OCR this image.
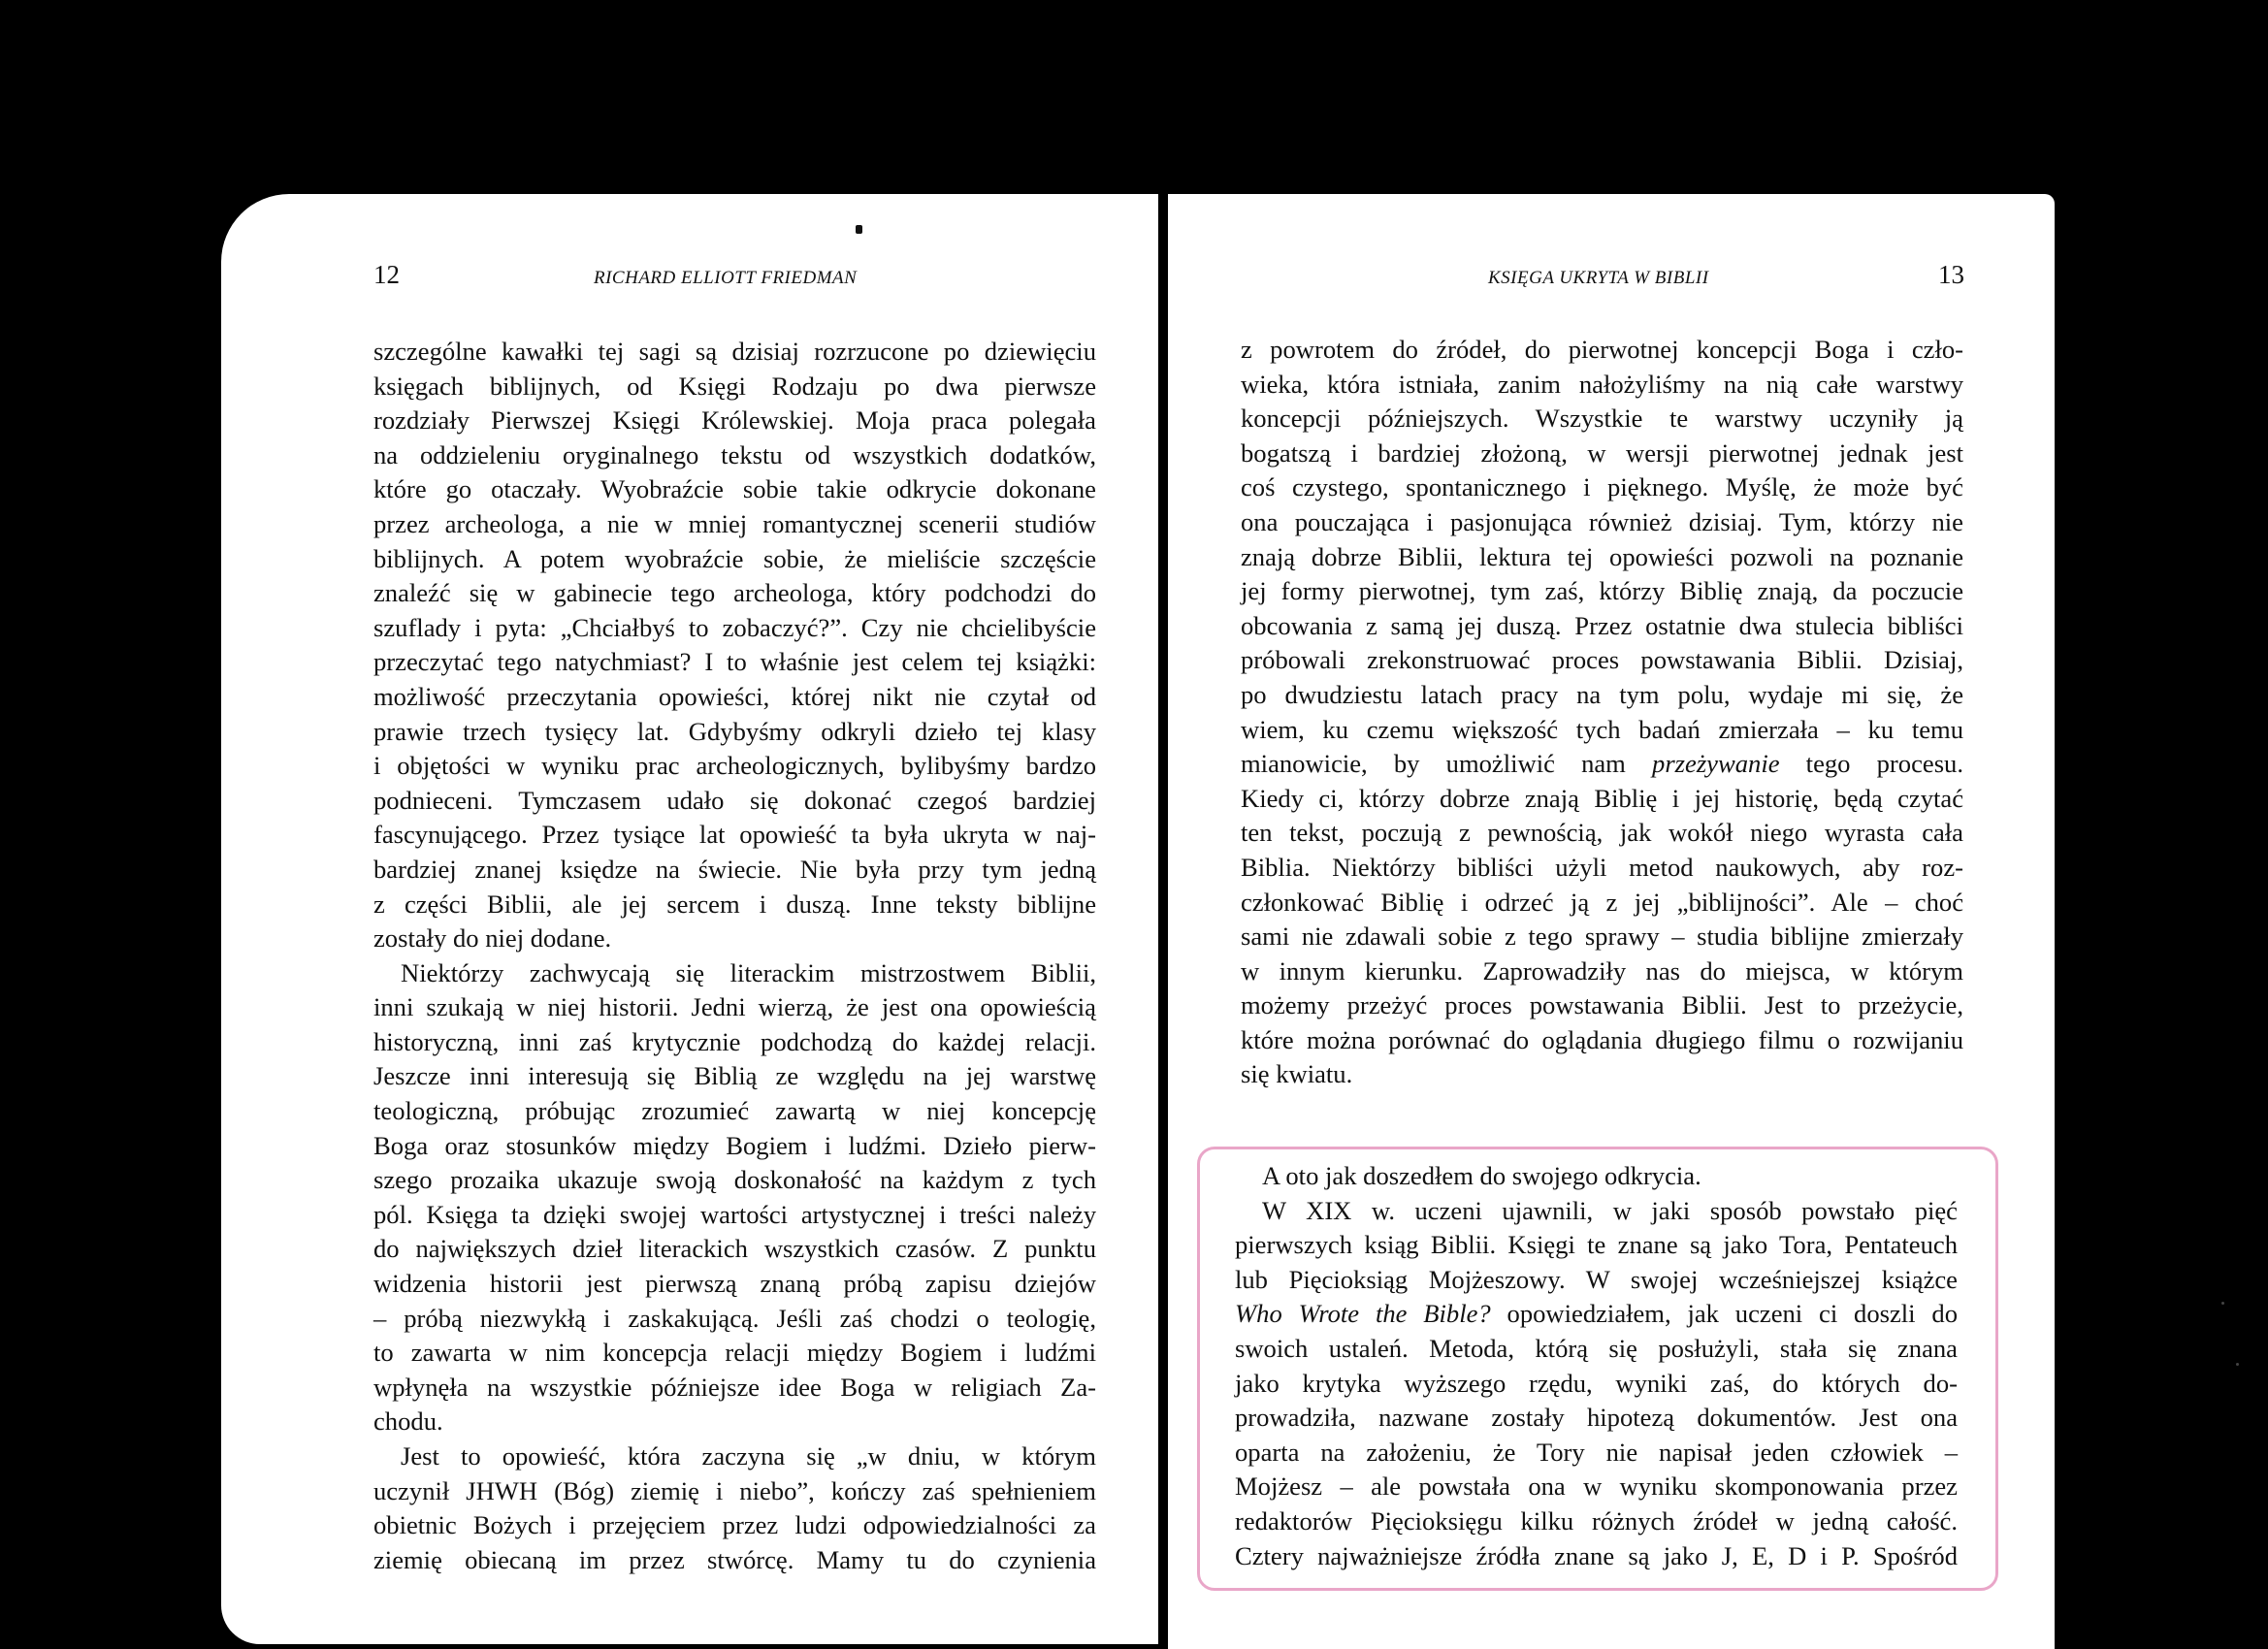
12	RICHARD ELLIOTT FRIEDMAN	KSIĘGA UKRYTA W BIBLII	13
szczególne kawałki tej sagi są dzisiaj rozrzucone po dziewięciu
księgach biblijnych, od Księgi Rodzaju po dwa pierwsze
rozdziały Pierwszej Księgi Królewskiej. Moja praca polegała
na oddzieleniu oryginalnego tekstu od wszystkich dodatków,
które go otaczały. Wyobraźcie sobie takie odkrycie dokonane
przez archeologa, a nie w mniej romantycznej scenerii studiów
biblijnych. A potem wyobraźcie sobie, że mieliście szczęście
znaleźć się w gabinecie tego archeologa, który podchodzi do
szuflady i pyta: „Chciałbyś to zobaczyć?”. Czy nie chcielibyście
przeczytać tego natychmiast? I to właśnie jest celem tej książki:
możliwość przeczytania opowieści, której nikt nie czytał od
prawie trzech tysięcy lat. Gdybyśmy odkryli dzieło tej klasy
i objętości w wyniku prac archeologicznych, bylibyśmy bardzo
podnieceni. Tymczasem udało się dokonać czegoś bardziej
fascynującego. Przez tysiące lat opowieść ta była ukryta w naj-
bardziej znanej księdze na świecie. Nie była przy tym jedną
z części Biblii, ale jej sercem i duszą. Inne teksty biblijne
zostały do niej dodane.
Niektórzy zachwycają się literackim mistrzostwem Biblii,
inni szukają w niej historii. Jedni wierzą, że jest ona opowieścią
historyczną, inni zaś krytycznie podchodzą do każdej relacji.
Jeszcze inni interesują się Biblią ze względu na jej warstwę
teologiczną, próbując zrozumieć zawartą w niej koncepcję
Boga oraz stosunków między Bogiem i ludźmi. Dzieło pierw-
szego prozaika ukazuje swoją doskonałość na każdym z tych
pól. Księga ta dzięki swojej wartości artystycznej i treści należy
do największych dzieł literackich wszystkich czasów. Z punktu
widzenia historii jest pierwszą znaną próbą zapisu dziejów
– próbą niezwykłą i zaskakującą. Jeśli zaś chodzi o teologię,
to zawarta w nim koncepcja relacji między Bogiem i ludźmi
wpłynęła na wszystkie późniejsze idee Boga w religiach Za-
chodu.
Jest to opowieść, która zaczyna się „w dniu, w którym
uczynił JHWH (Bóg) ziemię i niebo”, kończy zaś spełnieniem
obietnic Bożych i przejęciem przez ludzi odpowiedzialności za
ziemię obiecaną im przez stwórcę. Mamy tu do czynienia
z powrotem do źródeł, do pierwotnej koncepcji Boga i czło-
wieka, która istniała, zanim nałożyliśmy na nią całe warstwy
koncepcji późniejszych. Wszystkie te warstwy uczyniły ją
bogatszą i bardziej złożoną, w wersji pierwotnej jednak jest
coś czystego, spontanicznego i pięknego. Myślę, że może być
ona pouczająca i pasjonująca również dzisiaj. Tym, którzy nie
znają dobrze Biblii, lektura tej opowieści pozwoli na poznanie
jej formy pierwotnej, tym zaś, którzy Biblię znają, da poczucie
obcowania z samą jej duszą. Przez ostatnie dwa stulecia bibliści
próbowali zrekonstruować proces powstawania Biblii. Dzisiaj,
po dwudziestu latach pracy na tym polu, wydaje mi się, że
wiem, ku czemu większość tych badań zmierzała – ku temu
mianowicie, by umożliwić nam przeżywanie tego procesu.
Kiedy ci, którzy dobrze znają Biblię i jej historię, będą czytać
ten tekst, poczują z pewnością, jak wokół niego wyrasta cała
Biblia. Niektórzy bibliści użyli metod naukowych, aby roz-
członkować Biblię i odrzeć ją z jej „biblijności”. Ale – choć
sami nie zdawali sobie z tego sprawy – studia biblijne zmierzały
w innym kierunku. Zaprowadziły nas do miejsca, w którym
możemy przeżyć proces powstawania Biblii. Jest to przeżycie,
które można porównać do oglądania długiego filmu o rozwijaniu
się kwiatu.
A oto jak doszedłem do swojego odkrycia.
W XIX w. uczeni ujawnili, w jaki sposób powstało pięć
pierwszych ksiąg Biblii. Księgi te znane są jako Tora, Pentateuch
lub Pięcioksiąg Mojżeszowy. W swojej wcześniejszej książce
Who Wrote the Bible? opowiedziałem, jak uczeni ci doszli do
swoich ustaleń. Metoda, którą się posłużyli, stała się znana
jako krytyka wyższego rzędu, wyniki zaś, do których do-
prowadziła, nazwane zostały hipotezą dokumentów. Jest ona
oparta na założeniu, że Tory nie napisał jeden człowiek –
Mojżesz – ale powstała ona w wyniku skomponowania przez
redaktorów Pięcioksięgu kilku różnych źródeł w jedną całość.
Cztery najważniejsze źródła znane są jako J, E, D i P. Spośród
